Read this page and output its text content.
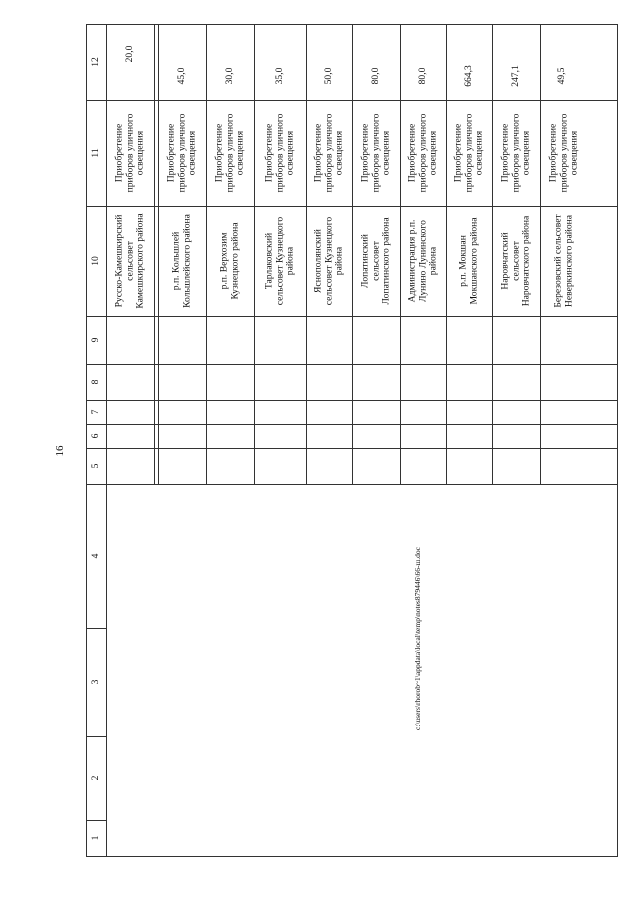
16
12
11
10
9
8
7
6
5
4
3
2
1
20,0
Приобретение приборов уличного освещения
Русско-Камешкирский сельсовет Камешкирского района
45,0
Приобретение приборов уличного освещения
р.п. Кольшлей Кольшлейского района
30,0
Приобретение приборов уличного освещения
р.п. Верхозим Кузнецкого района
35,0
Приобретение приборов уличного освещения
Тарлаковский сельсовет Кузнецкого района
50,0
Приобретение приборов уличного освещения
Яснополянский сельсовет Кузнецкого района
80,0
Приобретение приборов уличного освещения
Лопатинский сельсовет Лопатинского района
80,0
Приобретение приборов уличного освещения
Администрация р.п. Лунино Лунинского района
664,3
Приобретение приборов уличного освещения
р.п. Мокшан Мокшанского района
247,1
Приобретение приборов уличного освещения
Наровчатский сельсовет Наровчатского района
49,5
Приобретение приборов уличного освещения
Березовский сельсовет Неверкинского района
c:\users\rhorob~1\appdata\local\temp\notes879446\66-ш.doc
